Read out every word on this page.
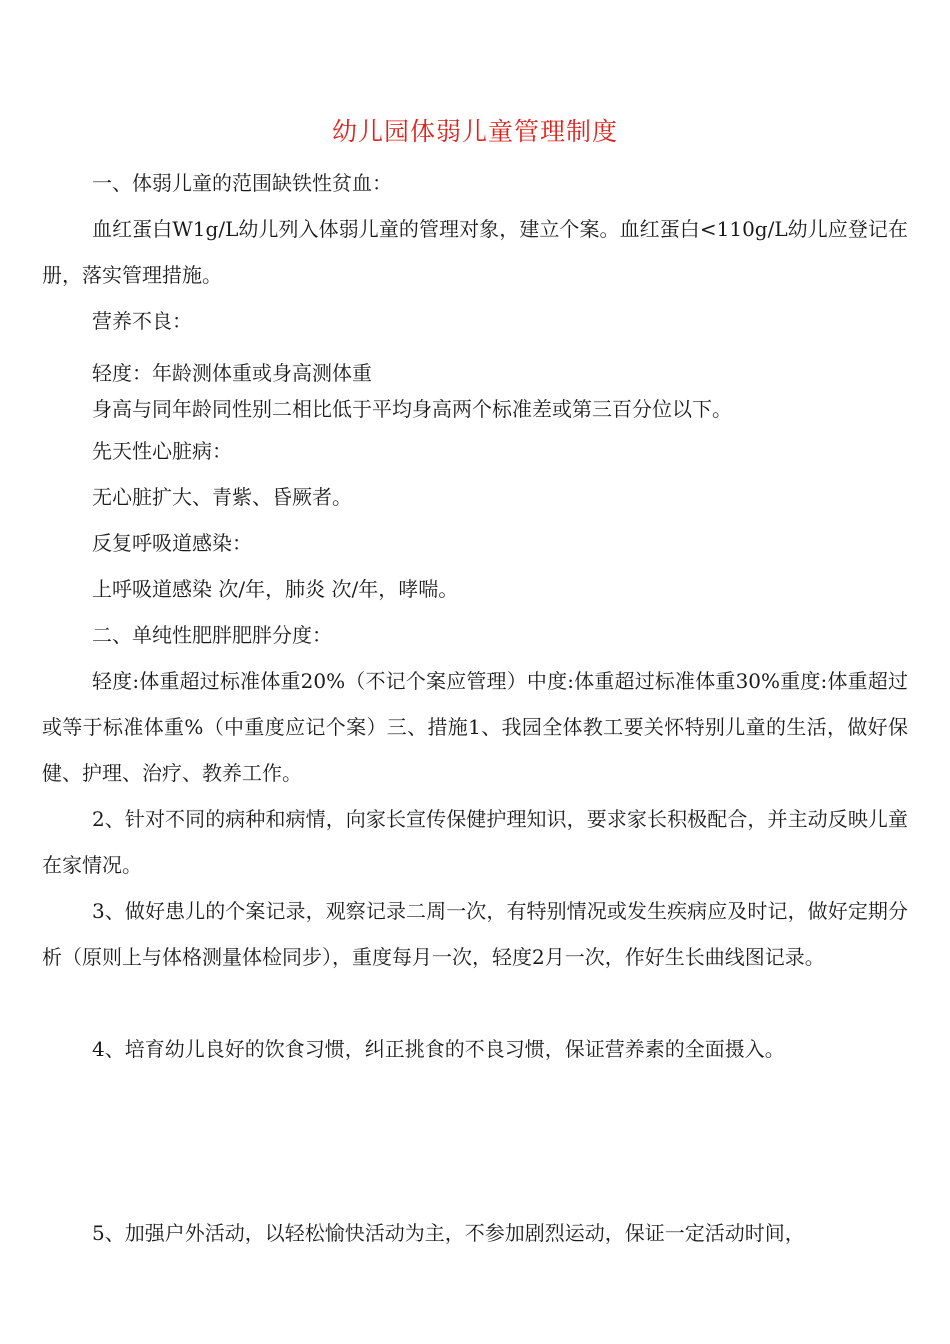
幼儿园体弱儿童管理制度

一、体弱儿童的范围缺铁性贫血：

血红蛋白W1g/L幼儿列入体弱儿童的管理对象，建立个案。血红蛋白<110g/L幼儿应登记在册，落实管理措施。

营养不良：

轻度：年龄测体重或身高测体重

身高与同年龄同性别二相比低于平均身高两个标准差或第三百分位以下。

先天性心脏病：

无心脏扩大、青紫、昏厥者。

反复呼吸道感染：

上呼吸道感染 次/年，肺炎 次/年，哮喘。

二、单纯性肥胖肥胖分度：

轻度:体重超过标准体重20%（不记个案应管理）中度:体重超过标准体重30%重度:体重超过或等于标准体重%（中重度应记个案）三、措施1、我园全体教工要关怀特别儿童的生活，做好保健、护理、治疗、教养工作。

2、针对不同的病种和病情，向家长宣传保健护理知识，要求家长积极配合，并主动反映儿童在家情况。

3、做好患儿的个案记录，观察记录二周一次，有特别情况或发生疾病应及时记，做好定期分析（原则上与体格测量体检同步），重度每月一次，轻度2月一次，作好生长曲线图记录。

4、培育幼儿良好的饮食习惯，纠正挑食的不良习惯，保证营养素的全面摄入。

5、加强户外活动，以轻松愉快活动为主，不参加剧烈运动，保证一定活动时间，
